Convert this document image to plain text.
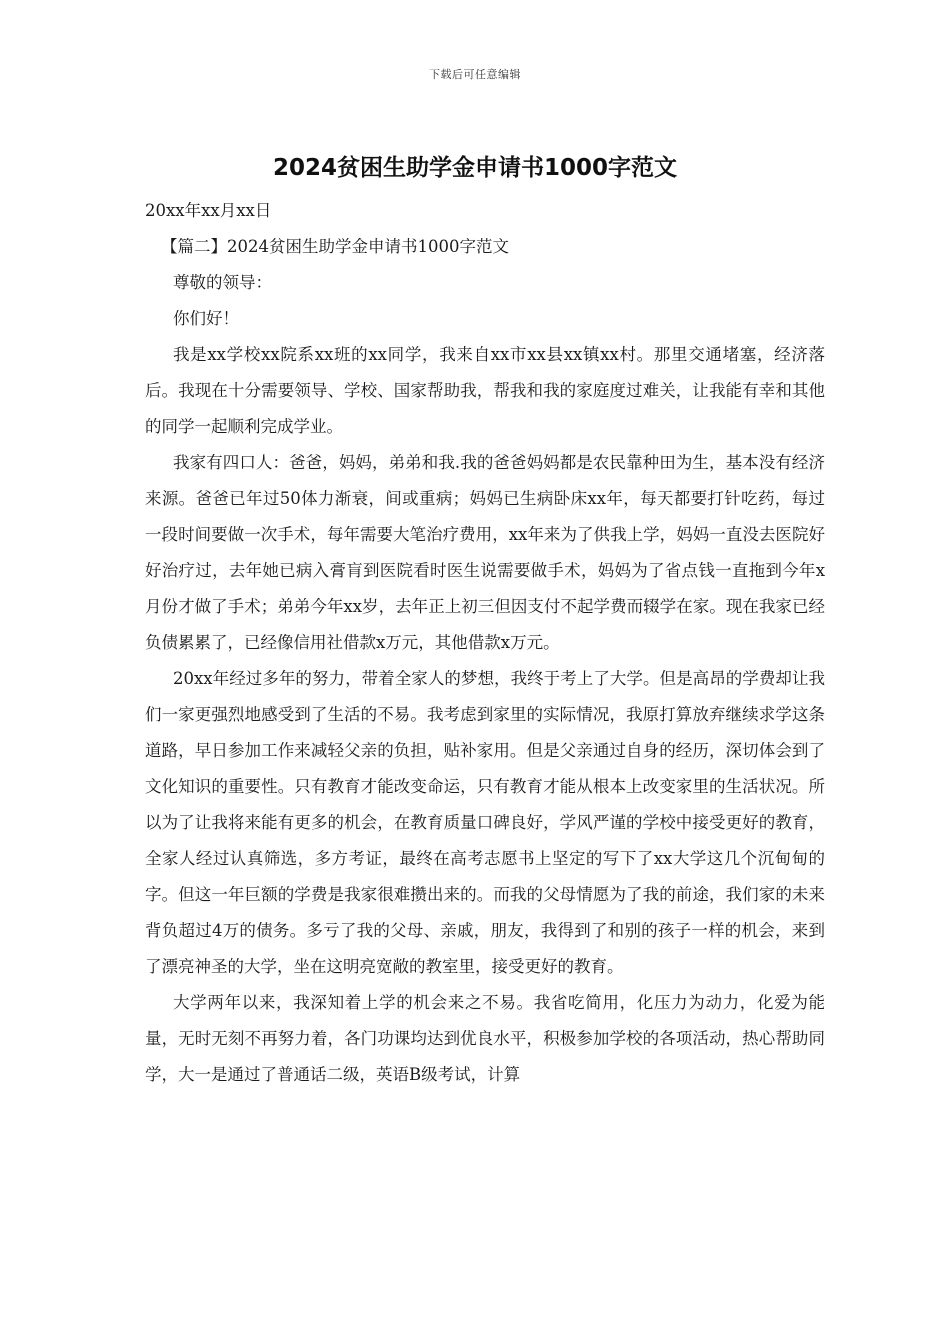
下载后可任意编辑
2024贫困生助学金申请书1000字范文

20xx年xx月xx日

【篇二】2024贫困生助学金申请书1000字范文

尊敬的领导：

你们好！

我是xx学校xx院系xx班的xx同学，我来自xx市xx县xx镇xx村。那里交通堵塞，经济落后。我现在十分需要领导、学校、国家帮助我，帮我和我的家庭度过难关，让我能有幸和其他的同学一起顺利完成学业。

我家有四口人：爸爸，妈妈，弟弟和我.我的爸爸妈妈都是农民靠种田为生，基本没有经济来源。爸爸已年过50体力渐衰，间或重病；妈妈已生病卧床xx年，每天都要打针吃药，每过一段时间要做一次手术，每年需要大笔治疗费用，xx年来为了供我上学，妈妈一直没去医院好好治疗过，去年她已病入膏肓到医院看时医生说需要做手术，妈妈为了省点钱一直拖到今年x月份才做了手术；弟弟今年xx岁，去年正上初三但因支付不起学费而辍学在家。现在我家已经负债累累了，已经像信用社借款x万元，其他借款x万元。

20xx年经过多年的努力，带着全家人的梦想，我终于考上了大学。但是高昂的学费却让我们一家更强烈地感受到了生活的不易。我考虑到家里的实际情况，我原打算放弃继续求学这条道路，早日参加工作来减轻父亲的负担，贴补家用。但是父亲通过自身的经历，深切体会到了文化知识的重要性。只有教育才能改变命运，只有教育才能从根本上改变家里的生活状况。所以为了让我将来能有更多的机会，在教育质量口碑良好，学风严谨的学校中接受更好的教育，全家人经过认真筛选，多方考证，最终在高考志愿书上坚定的写下了xx大学这几个沉甸甸的字。但这一年巨额的学费是我家很难攒出来的。而我的父母情愿为了我的前途，我们家的未来背负超过4万的债务。多亏了我的父母、亲戚，朋友，我得到了和别的孩子一样的机会，来到了漂亮神圣的大学，坐在这明亮宽敞的教室里，接受更好的教育。

大学两年以来，我深知着上学的机会来之不易。我省吃简用，化压力为动力，化爱为能量，无时无刻不再努力着，各门功课均达到优良水平，积极参加学校的各项活动，热心帮助同学，大一是通过了普通话二级，英语B级考试，计算
